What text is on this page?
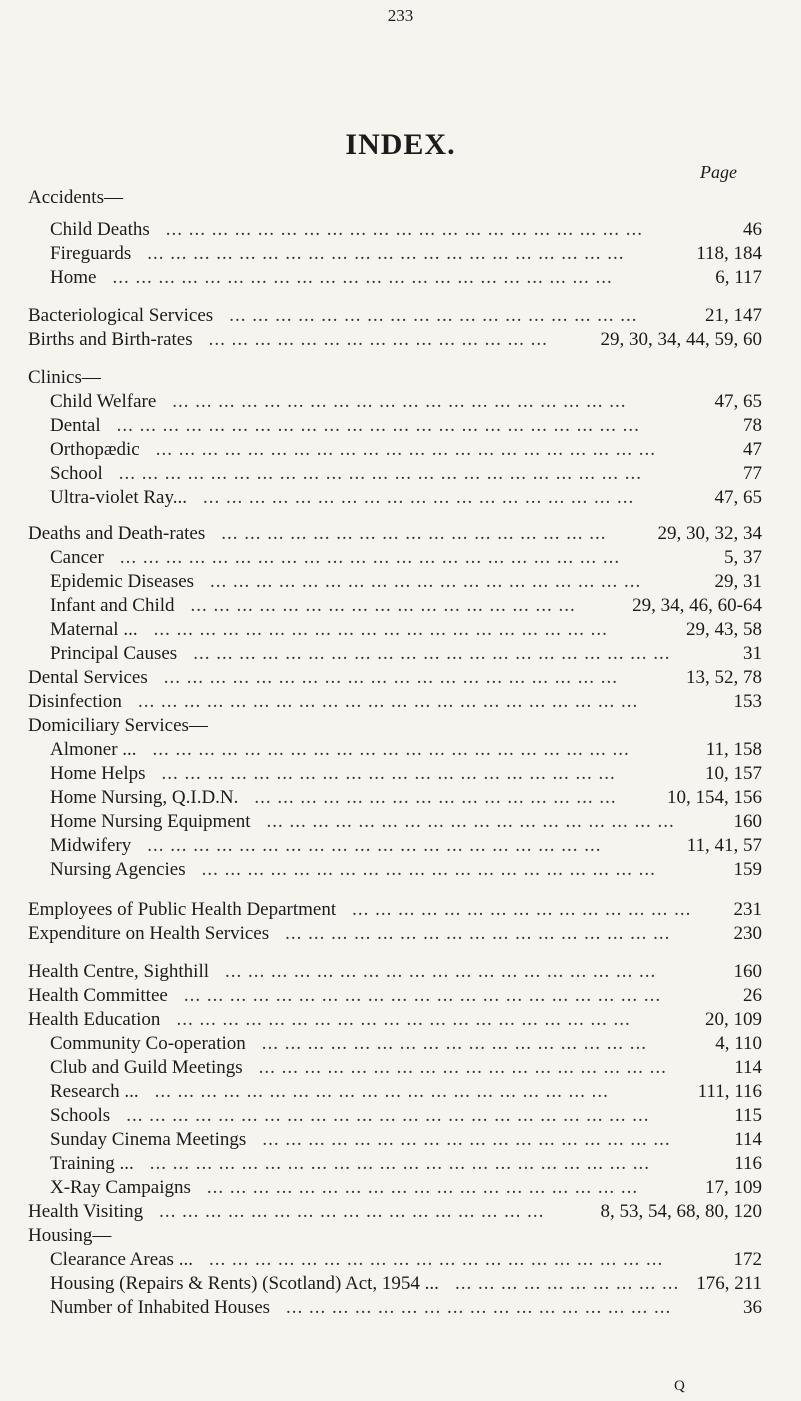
233
INDEX.
Page
Accidents—
Child Deaths	46
... ... ... ... ... ... ... ... ... ... ... ... ... ... ... ... ... ... ... ... ...
Fireguards	118, 184
... ... ... ... ... ... ... ... ... ... ... ... ... ... ... ... ... ... ... ... ...
Home	6, 117
... ... ... ... ... ... ... ... ... ... ... ... ... ... ... ... ... ... ... ... ... ...
Bacteriological Services	21, 147
... ... ... ... ... ... ... ... ... ... ... ... ... ... ... ... ... ...
Births and Birth-rates	29, 30, 34, 44, 59, 60
... ... ... ... ... ... ... ... ... ... ... ... ... ... ...
Clinics—
Child Welfare	47, 65
... ... ... ... ... ... ... ... ... ... ... ... ... ... ... ... ... ... ... ...
Dental	78
... ... ... ... ... ... ... ... ... ... ... ... ... ... ... ... ... ... ... ... ... ... ...
Orthopædic	47
... ... ... ... ... ... ... ... ... ... ... ... ... ... ... ... ... ... ... ... ... ...
School	77
... ... ... ... ... ... ... ... ... ... ... ... ... ... ... ... ... ... ... ... ... ... ...
Ultra-violet Ray...	47, 65
... ... ... ... ... ... ... ... ... ... ... ... ... ... ... ... ... ... ...
Deaths and Death-rates	29, 30, 32, 34
... ... ... ... ... ... ... ... ... ... ... ... ... ... ... ... ...
Cancer	5, 37
... ... ... ... ... ... ... ... ... ... ... ... ... ... ... ... ... ... ... ... ... ...
Epidemic Diseases	29, 31
... ... ... ... ... ... ... ... ... ... ... ... ... ... ... ... ... ... ...
Infant and Child	29, 34, 46, 60-64
... ... ... ... ... ... ... ... ... ... ... ... ... ... ... ... ...
Maternal ...	29, 43, 58
... ... ... ... ... ... ... ... ... ... ... ... ... ... ... ... ... ... ... ...
Principal Causes	31
... ... ... ... ... ... ... ... ... ... ... ... ... ... ... ... ... ... ... ... ...
Dental Services	13, 52, 78
... ... ... ... ... ... ... ... ... ... ... ... ... ... ... ... ... ... ... ...
Disinfection	153
... ... ... ... ... ... ... ... ... ... ... ... ... ... ... ... ... ... ... ... ... ...
Domiciliary Services—
Almoner ...	11, 158
... ... ... ... ... ... ... ... ... ... ... ... ... ... ... ... ... ... ... ... ...
Home Helps	10, 157
... ... ... ... ... ... ... ... ... ... ... ... ... ... ... ... ... ... ... ...
Home Nursing, Q.I.D.N.	10, 154, 156
... ... ... ... ... ... ... ... ... ... ... ... ... ... ... ...
Home Nursing Equipment	160
... ... ... ... ... ... ... ... ... ... ... ... ... ... ... ... ... ...
Midwifery	11, 41, 57
... ... ... ... ... ... ... ... ... ... ... ... ... ... ... ... ... ... ... ...
Nursing Agencies	159
... ... ... ... ... ... ... ... ... ... ... ... ... ... ... ... ... ... ... ...
Employees of Public Health Department	231
... ... ... ... ... ... ... ... ... ... ... ... ... ... ...
Expenditure on Health Services	230
... ... ... ... ... ... ... ... ... ... ... ... ... ... ... ... ...
Health Centre, Sighthill	160
... ... ... ... ... ... ... ... ... ... ... ... ... ... ... ... ... ... ...
Health Committee	26
... ... ... ... ... ... ... ... ... ... ... ... ... ... ... ... ... ... ... ... ...
Health Education	20, 109
... ... ... ... ... ... ... ... ... ... ... ... ... ... ... ... ... ... ... ...
Community Co-operation	4, 110
... ... ... ... ... ... ... ... ... ... ... ... ... ... ... ... ...
Club and Guild Meetings	114
... ... ... ... ... ... ... ... ... ... ... ... ... ... ... ... ... ...
Research ...	111, 116
... ... ... ... ... ... ... ... ... ... ... ... ... ... ... ... ... ... ... ...
Schools	115
... ... ... ... ... ... ... ... ... ... ... ... ... ... ... ... ... ... ... ... ... ... ...
Sunday Cinema Meetings	114
... ... ... ... ... ... ... ... ... ... ... ... ... ... ... ... ... ...
Training ...	116
... ... ... ... ... ... ... ... ... ... ... ... ... ... ... ... ... ... ... ... ... ...
X-Ray Campaigns	17, 109
... ... ... ... ... ... ... ... ... ... ... ... ... ... ... ... ... ... ...
Health Visiting	8, 53, 54, 68, 80, 120
... ... ... ... ... ... ... ... ... ... ... ... ... ... ... ... ...
Housing—
Clearance Areas ...	172
... ... ... ... ... ... ... ... ... ... ... ... ... ... ... ... ... ... ... ...
Housing (Repairs & Rents) (Scotland) Act, 1954 ...	176, 211
... ... ... ... ... ... ... ... ... ...
Number of Inhabited Houses	36
... ... ... ... ... ... ... ... ... ... ... ... ... ... ... ... ...
Q
